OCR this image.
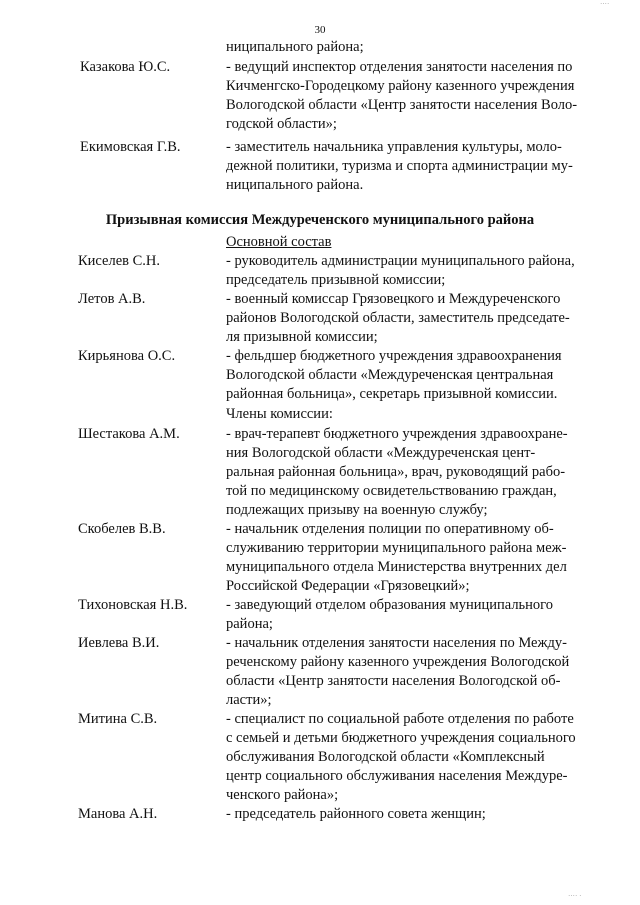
····
30
ниципального района;
Казакова Ю.С.	- ведущий инспектор отделения занятости населения по
Кичменгско-Городецкому району казенного учреждения
Вологодской области «Центр занятости населения Воло-
годской области»;
Екимовская Г.В.	- заместитель начальника управления культуры, моло-
дежной политики, туризма и спорта администрации му-
ниципального района.
Призывная комиссия Междуреченского муниципального района
Основной состав
Киселев С.Н.	- руководитель администрации муниципального района,
председатель призывной комиссии;
Летов А.В.	- военный комиссар Грязовецкого и Междуреченского
районов Вологодской области, заместитель председате-
ля призывной комиссии;
Кирьянова О.С.	- фельдшер бюджетного учреждения здравоохранения
Вологодской области «Междуреченская центральная
районная больница», секретарь призывной комиссии.
Члены комиссии:
Шестакова А.М.	- врач-терапевт бюджетного учреждения здравоохране-
ния Вологодской области «Междуреченская цент-
ральная районная больница», врач, руководящий рабо-
той по медицинскому освидетельствованию граждан,
подлежащих призыву на военную службу;
Скобелев В.В.	- начальник отделения полиции по оперативному об-
служиванию территории муниципального района меж-
муниципального отдела Министерства внутренних дел
Российской Федерации «Грязовецкий»;
Тихоновская Н.В.	- заведующий отделом образования муниципального
района;
Иевлева В.И.	- начальник отделения занятости населения по Между-
реченскому району казенного учреждения Вологодской
области «Центр занятости населения Вологодской об-
ласти»;
Митина С.В.	- специалист по социальной работе отделения по работе
с семьей и детьми бюджетного учреждения социального
обслуживания Вологодской области «Комплексный
центр социального обслуживания населения Междуре-
ченского района»;
Манова А.Н.	- председатель районного совета женщин;
···· ·
